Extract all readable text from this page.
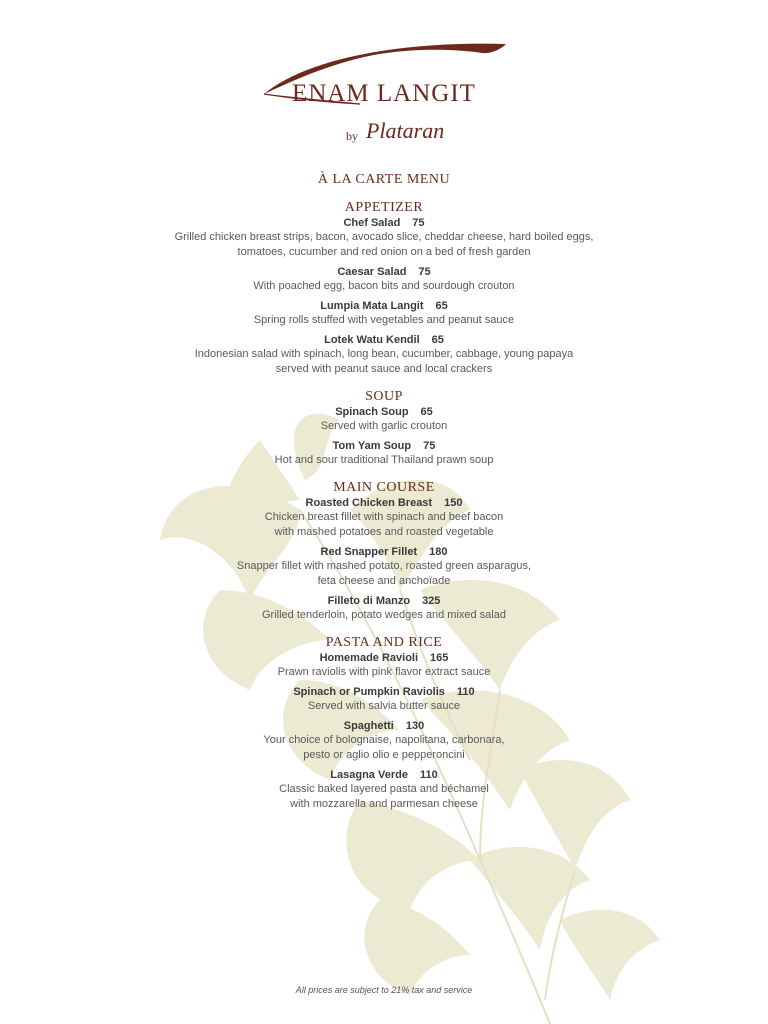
ENAM LANGIT
by Plataran
À LA CARTE MENU
APPETIZER
Chef Salad 75
Grilled chicken breast strips, bacon, avocado slice, cheddar cheese, hard boiled eggs,
tomatoes, cucumber and red onion on a bed of fresh garden
Caesar Salad 75
With poached egg, bacon bits and sourdough crouton
Lumpia Mata Langit 65
Spring rolls stuffed with vegetables and peanut sauce
Lotek Watu Kendil 65
Indonesian salad with spinach, long bean, cucumber, cabbage, young papaya
served with peanut sauce and local crackers
SOUP
Spinach Soup 65
Served with garlic crouton
Tom Yam Soup 75
Hot and sour traditional Thailand prawn soup
MAIN COURSE
Roasted Chicken Breast 150
Chicken breast fillet with spinach and beef bacon
with mashed potatoes and roasted vegetable
Red Snapper Fillet 180
Snapper fillet with mashed potato, roasted green asparagus,
feta cheese and anchoïade
Filleto di Manzo 325
Grilled tenderloin, potato wedges and mixed salad
PASTA AND RICE
Homemade Ravioli 165
Prawn raviolis with pink flavor extract sauce
Spinach or Pumpkin Raviolis 110
Served with salvia butter sauce
Spaghetti 130
Your choice of bolognaise, napolitana, carbonara,
pesto or aglio olio e pepperoncini
Lasagna Verde 110
Classic baked layered pasta and béchamel
with mozzarella and parmesan cheese
All prices are subject to 21% tax and service
